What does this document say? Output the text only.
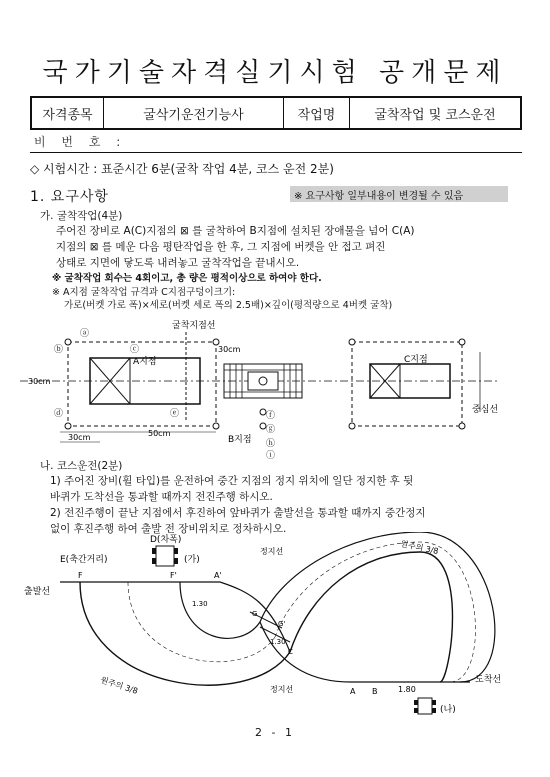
국가기술자격실기시험 공개문제
자격종목	굴삭기운전기능사	작업명	굴착작업 및 코스운전
비 번 호 :
◇ 시험시간 : 표준시간 6분(굴착 작업 4분, 코스 운전 2분)
1. 요구사항	※ 요구사항 일부내용이 변경될 수 있음
가. 굴착작업(4분)
주어진 장비로 A(C)지점의 ⊠ 를 굴착하여 B지점에 설치된 장애물을 넘어 C(A)
지점의 ⊠ 를 메운 다음 평탄작업을 한 후, 그 지점에 버켓을 안 접고 펴진
상태로 지면에 닿도록 내려놓고 굴착작업을 끝내시오.
※ 굴착작업 회수는 4회이고, 총 량은 평적이상으로 하여야 한다.
※ A지점 굴착작업 규격과 C지점구덩이크기:
가로(버켓 가로 폭)×세로(버켓 세로 폭의 2.5배)×깊이(평적량으로 4버켓 굴착)
굴착지점선
A지점
ⓐ
ⓑ	ⓒ
ⓓ	ⓔ
30cm
30cm
30cm
50cm
B지점
ⓕ
ⓖ
ⓗ
ⓘ
C지점
중심선
나. 코스운전(2분)
1) 주어진 장비(휠 타입)를 운전하여 중간 지점의 정지 위치에 일단 정지한 후 뒷
바퀴가 도착선을 통과할 때까지 전진주행 하시오.
2) 전진주행이 끝난 지점에서 후진하여 앞바퀴가 출발선을 통과할 때까지 중간정지
없이 후진주행 하여 출발 전 장비위치로 정차하시오.
D(차폭)
(가)
E(축간거리)
출발선
F	F'	A'
도착선
A B	1.80
정지선
정지선
G
G'
C
1.30
1.30
원주의 3/8
원주의 3/8
(나)
2 - 1
